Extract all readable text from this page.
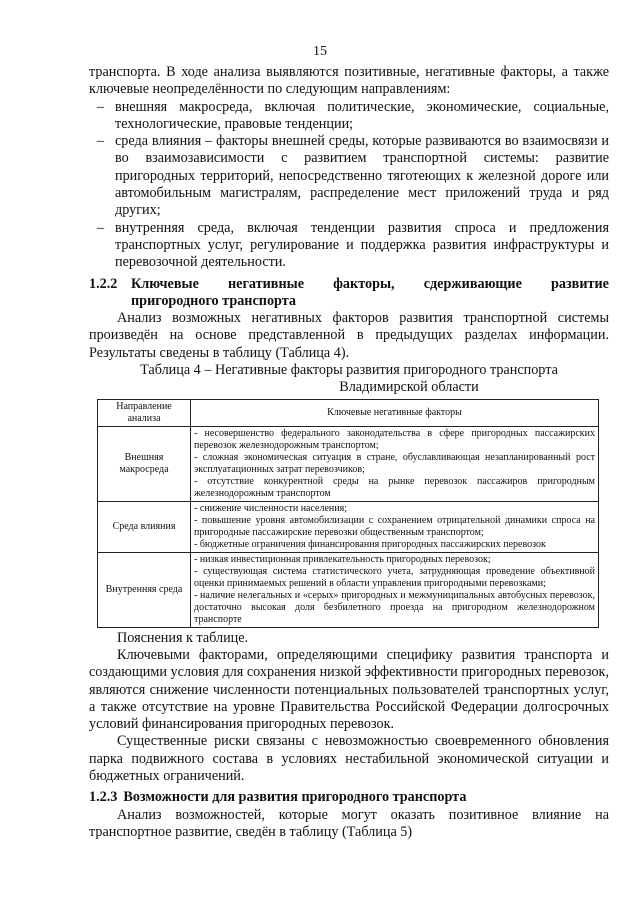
15

транспорта. В ходе анализа выявляются позитивные, негативные факторы, а также ключевые неопределённости по следующим направлениям:

– внешняя макросреда, включая политические, экономические, социальные, технологические, правовые тенденции;
– среда влияния – факторы внешней среды, которые развиваются во взаимосвязи и во взаимозависимости с развитием транспортной системы: развитие пригородных территорий, непосредственно тяготеющих к железной дороге или автомобильным магистралям, распределение мест приложений труда и ряд других;
– внутренняя среда, включая тенденции развития спроса и предложения транспортных услуг, регулирование и поддержка развития инфраструктуры и перевозочной деятельности.
1.2.2 Ключевые негативные факторы, сдерживающие развитие
пригородного транспорта

Анализ возможных негативных факторов развития транспортной системы произведён на основе представленной в предыдущих разделах информации. Результаты сведены в таблицу (Таблица 4).

Таблица 4 – Негативные факторы развития пригородного транспорта

Владимирской области

Направление анализа	Ключевые негативные факторы
Внешняя макросреда	- несовершенство федерального законодательства в сфере пригородных пассажирских перевозок железнодорожным транспортом;
- сложная экономическая ситуация в стране, обуславливающая незапланированный рост эксплуатационных затрат перевозчиков;
- отсутствие конкурентной среды на рынке перевозок пассажиров пригородным железнодорожным транспортом

Среда влияния	- снижение численности населения;
- повышение уровня автомобилизации с сохранением отрицательной динамики спроса на пригородные пассажирские перевозки общественным транспортом;
- бюджетные ограничения финансирования пригородных пассажирских перевозок

Внутренняя среда	- низкая инвестиционная привлекательность пригородных перевозок;
- существующая система статистического учета, затрудняющая проведение объективной оценки принимаемых решений в области управления пригородными перевозками;
- наличие нелегальных и «серых» пригородных и межмуниципальных автобусных перевозок, достаточно высокая доля безбилетного проезда на пригородном железнодорожном транспорте

Пояснения к таблице.

Ключевыми факторами, определяющими специфику развития транспорта и создающими условия для сохранения низкой эффективности пригородных перевозок, являются снижение численности потенциальных пользователей транспортных услуг, а также отсутствие на уровне Правительства Российской Федерации долгосрочных условий финансирования пригородных перевозок.

Существенные риски связаны с невозможностью своевременного обновления парка подвижного состава в условиях нестабильной экономической ситуации и бюджетных ограничений.

1.2.3 Возможности для развития пригородного транспорта

Анализ возможностей, которые могут оказать позитивное влияние на транспортное развитие, сведён в таблицу (Таблица 5)
